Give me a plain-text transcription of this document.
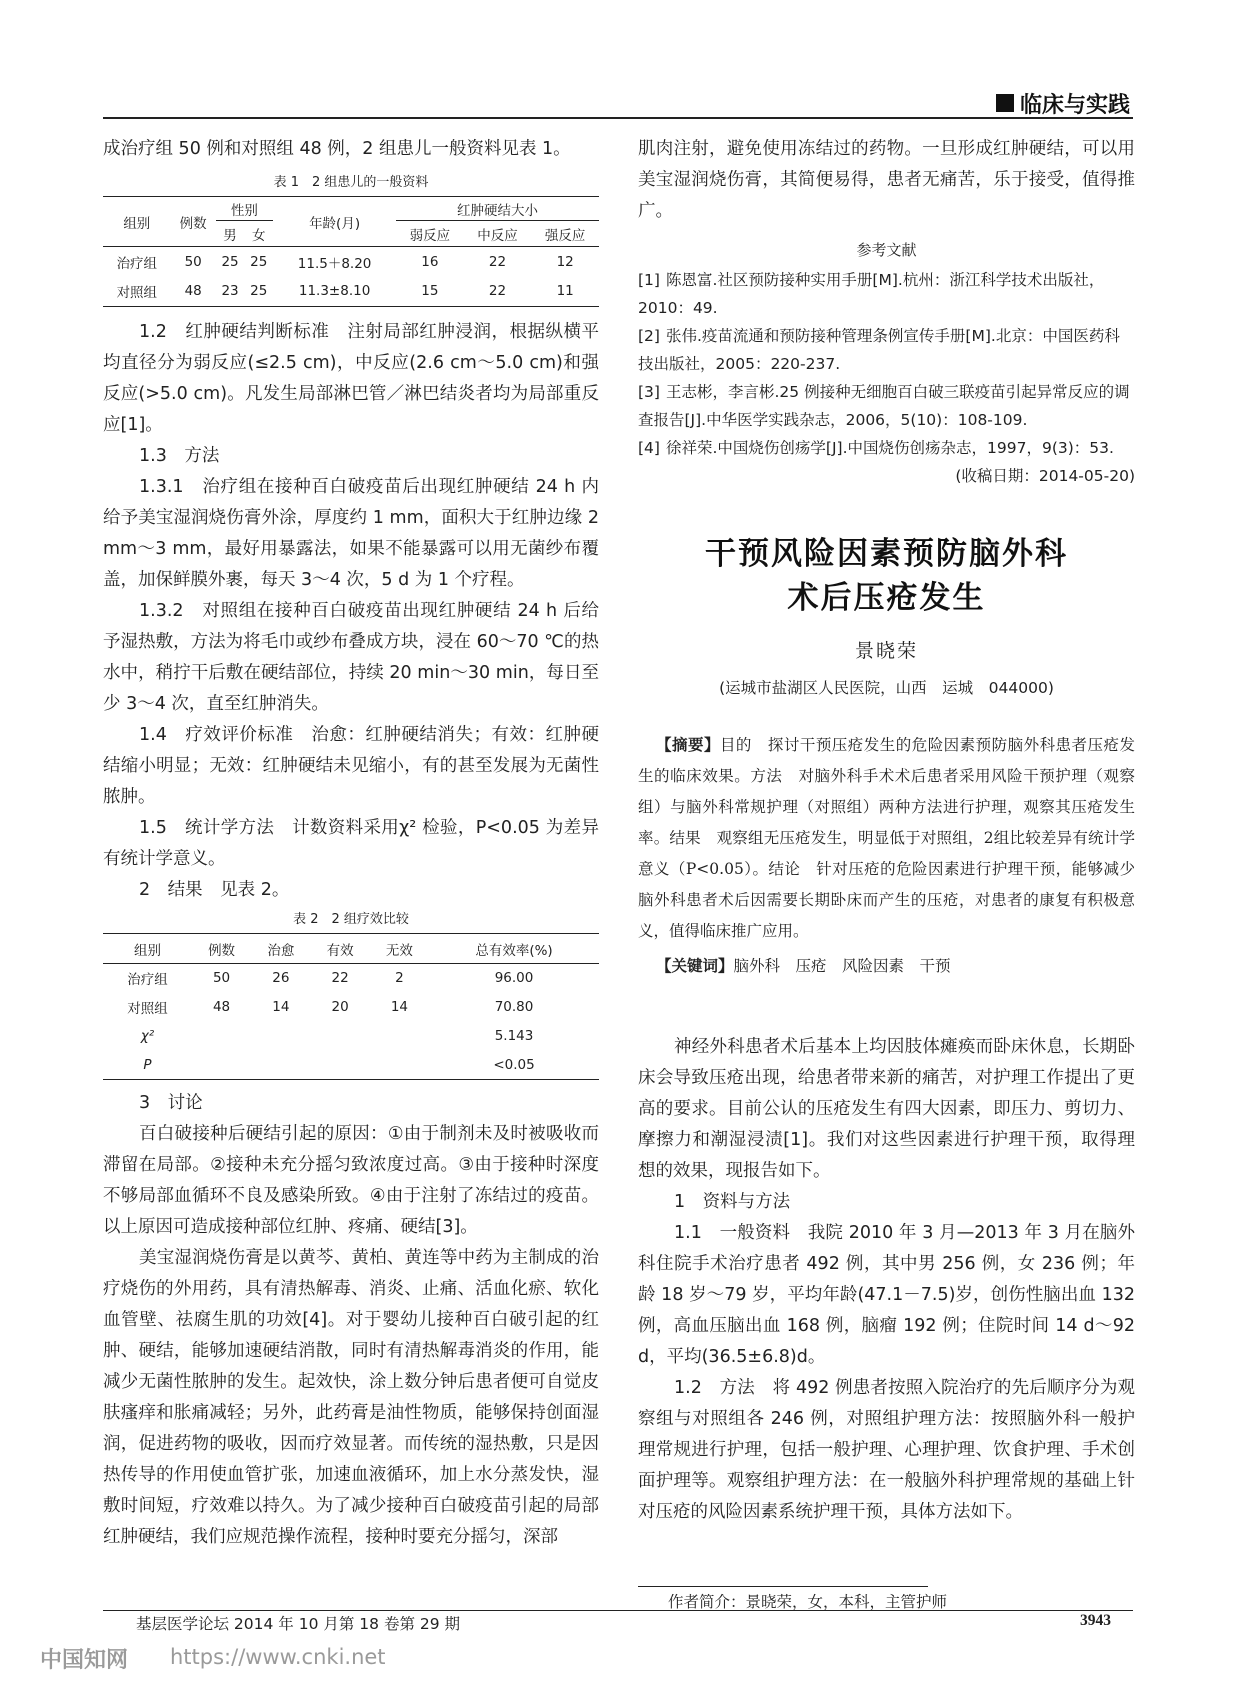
临床与实践

成治疗组 50 例和对照组 48 例，2 组患儿一般资料见表 1。

表 1　2 组患儿的一般资料
组别	例数	性别		年龄(月)	红肿硬结大小		
		男	女		弱反应	中反应	强反应
治疗组	50	25	25	11.5＋8.20	16	22	12
对照组	48	23	25	11.3±8.10	15	22	11

1.2　红肿硬结判断标准　注射局部红肿浸润，根据纵横平均直径分为弱反应(≤2.5 cm)，中反应(2.6 cm～5.0 cm)和强反应(>5.0 cm)。凡发生局部淋巴管／淋巴结炎者均为局部重反应[1]。

1.3　方法

1.3.1　治疗组在接种百白破疫苗后出现红肿硬结 24 h 内给予美宝湿润烧伤膏外涂，厚度约 1 mm，面积大于红肿边缘 2 mm～3 mm，最好用暴露法，如果不能暴露可以用无菌纱布覆盖，加保鲜膜外裹，每天 3～4 次，5 d 为 1 个疗程。

1.3.2　对照组在接种百白破疫苗出现红肿硬结 24 h 后给予湿热敷，方法为将毛巾或纱布叠成方块，浸在 60～70 ℃的热水中，稍拧干后敷在硬结部位，持续 20 min～30 min，每日至少 3～4 次，直至红肿消失。

1.4　疗效评价标准　治愈：红肿硬结消失；有效：红肿硬结缩小明显；无效：红肿硬结未见缩小，有的甚至发展为无菌性脓肿。

1.5　统计学方法　计数资料采用χ² 检验，P<0.05 为差异有统计学意义。

2　结果　见表 2。

表 2　2 组疗效比较
组别	例数	治愈	有效	无效	总有效率(%)
治疗组	50	26	22	2	96.00
对照组	48	14	20	14	70.80
χ²					5.143
P					<0.05

3　讨论

百白破接种后硬结引起的原因：①由于制剂未及时被吸收而滞留在局部。②接种未充分摇匀致浓度过高。③由于接种时深度不够局部血循环不良及感染所致。④由于注射了冻结过的疫苗。以上原因可造成接种部位红肿、疼痛、硬结[3]。

美宝湿润烧伤膏是以黄芩、黄柏、黄连等中药为主制成的治疗烧伤的外用药，具有清热解毒、消炎、止痛、活血化瘀、软化血管壁、祛腐生肌的功效[4]。对于婴幼儿接种百白破引起的红肿、硬结，能够加速硬结消散，同时有清热解毒消炎的作用，能减少无菌性脓肿的发生。起效快，涂上数分钟后患者便可自觉皮肤瘙痒和胀痛减轻；另外，此药膏是油性物质，能够保持创面湿润，促进药物的吸收，因而疗效显著。而传统的湿热敷，只是因热传导的作用使血管扩张，加速血液循环，加上水分蒸发快，湿敷时间短，疗效难以持久。为了减少接种百白破疫苗引起的局部红肿硬结，我们应规范操作流程，接种时要充分摇匀，深部

肌肉注射，避免使用冻结过的药物。一旦形成红肿硬结，可以用美宝湿润烧伤膏，其简便易得，患者无痛苦，乐于接受，值得推广。

参考文献
[1] 陈恩富.社区预防接种实用手册[M].杭州：浙江科学技术出版社，2010：49.
[2] 张伟.疫苗流通和预防接种管理条例宣传手册[M].北京：中国医药科技出版社，2005：220-237.
[3] 王志彬，李言彬.25 例接种无细胞百白破三联疫苗引起异常反应的调查报告[J].中华医学实践杂志，2006，5(10)：108-109.
[4] 徐祥荣.中国烧伤创疡学[J].中国烧伤创疡杂志，1997，9(3)：53.
(收稿日期：2014-05-20)
干预风险因素预防脑外科
术后压疮发生
景晓荣
(运城市盐湖区人民医院，山西　运城　044000)
【摘要】目的　探讨干预压疮发生的危险因素预防脑外科患者压疮发生的临床效果。方法　对脑外科手术术后患者采用风险干预护理（观察组）与脑外科常规护理（对照组）两种方法进行护理，观察其压疮发生率。结果　观察组无压疮发生，明显低于对照组，2组比较差异有统计学意义（P<0.05）。结论　针对压疮的危险因素进行护理干预，能够减少脑外科患者术后因需要长期卧床而产生的压疮，对患者的康复有积极意义，值得临床推广应用。
【关键词】脑外科　压疮　风险因素　干预

神经外科患者术后基本上均因肢体瘫痪而卧床休息，长期卧床会导致压疮出现，给患者带来新的痛苦，对护理工作提出了更高的要求。目前公认的压疮发生有四大因素，即压力、剪切力、摩擦力和潮湿浸渍[1]。我们对这些因素进行护理干预，取得理想的效果，现报告如下。

1　资料与方法

1.1　一般资料　我院 2010 年 3 月—2013 年 3 月在脑外科住院手术治疗患者 492 例，其中男 256 例，女 236 例；年龄 18 岁～79 岁，平均年龄(47.1－7.5)岁，创伤性脑出血 132 例，高血压脑出血 168 例，脑瘤 192 例；住院时间 14 d～92 d，平均(36.5±6.8)d。

1.2　方法　将 492 例患者按照入院治疗的先后顺序分为观察组与对照组各 246 例，对照组护理方法：按照脑外科一般护理常规进行护理，包括一般护理、心理护理、饮食护理、手术创面护理等。观察组护理方法：在一般脑外科护理常规的基础上针对压疮的风险因素系统护理干预，具体方法如下。

作者简介：景晓荣，女，本科，主管护师
基层医学论坛 2014 年 10 月第 18 卷第 29 期	3943
中国知网 https://www.cnki.net
